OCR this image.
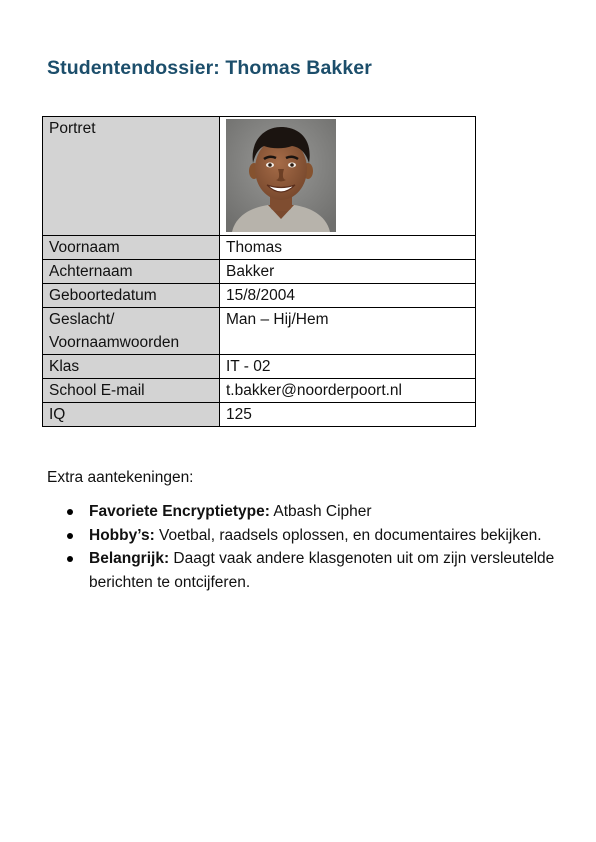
Studentendossier: Thomas Bakker
Portret	

Voornaam	Thomas
Achternaam	Bakker
Geboortedatum	15/8/2004
Geslacht/ Voornaamwoorden	Man – Hij/Hem
Klas	IT - 02
School E-mail	t.bakker@noorderpoort.nl
IQ	125

Extra aantekeningen:

Favoriete Encryptietype: Atbash Cipher
Hobby’s: Voetbal, raadsels oplossen, en documentaires bekijken.
Belangrijk: Daagt vaak andere klasgenoten uit om zijn versleutelde berichten te ontcijferen.
